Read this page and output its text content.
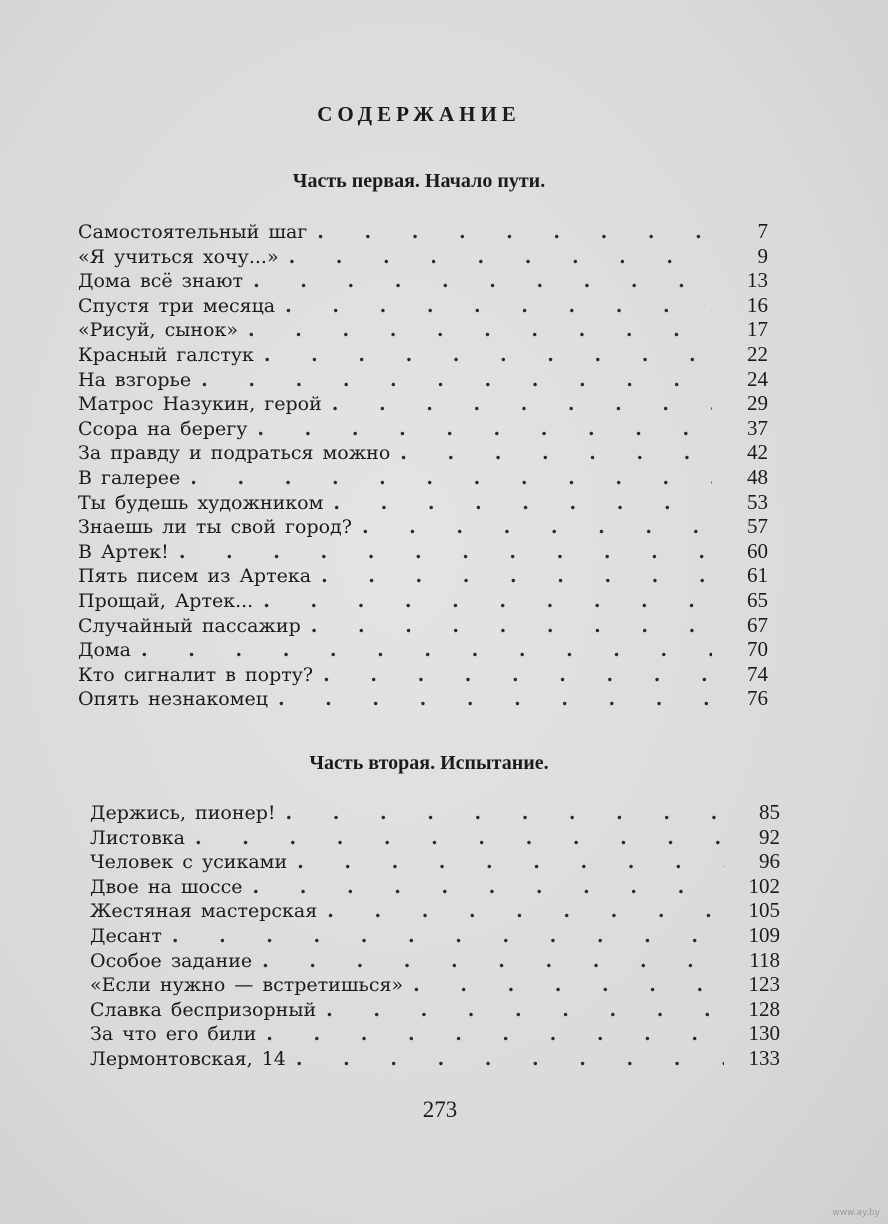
СОДЕРЖАНИЕ
Часть первая. Начало пути.
Самостоятельный шаг . . .	7
«Я учиться хочу...» . . .	9
Дома всё знают . . .	13
Спустя три месяца . . .	16
«Рисуй, сынок» . . .	17
Красный галстук . . .	22
На взгорье . . .	24
Матрос Назукин, герой . . .	29
Ссора на берегу . . .	37
За правду и подраться можно . . .	42
В галерее . . .	48
Ты будешь художником . . .	53
Знаешь ли ты свой город? . . .	57
В Артек! . . .	60
Пять писем из Артека . . .	61
Прощай, Артек... . . .	65
Случайный пассажир . . .	67
Дома . . .	70
Кто сигналит в порту? . . .	74
Опять незнакомец . . .	76
Часть вторая. Испытание.
Держись, пионер! . . .	85
Листовка . . .	92
Человек с усиками . . .	96
Двое на шоссе . . .	102
Жестяная мастерская . . .	105
Десант . . .	109
Особое задание . . .	118
«Если нужно — встретишься» . . .	123
Славка беспризорный . . .	128
За что его били . . .	130
Лермонтовская, 14 . . .	133
273
www.ay.by
